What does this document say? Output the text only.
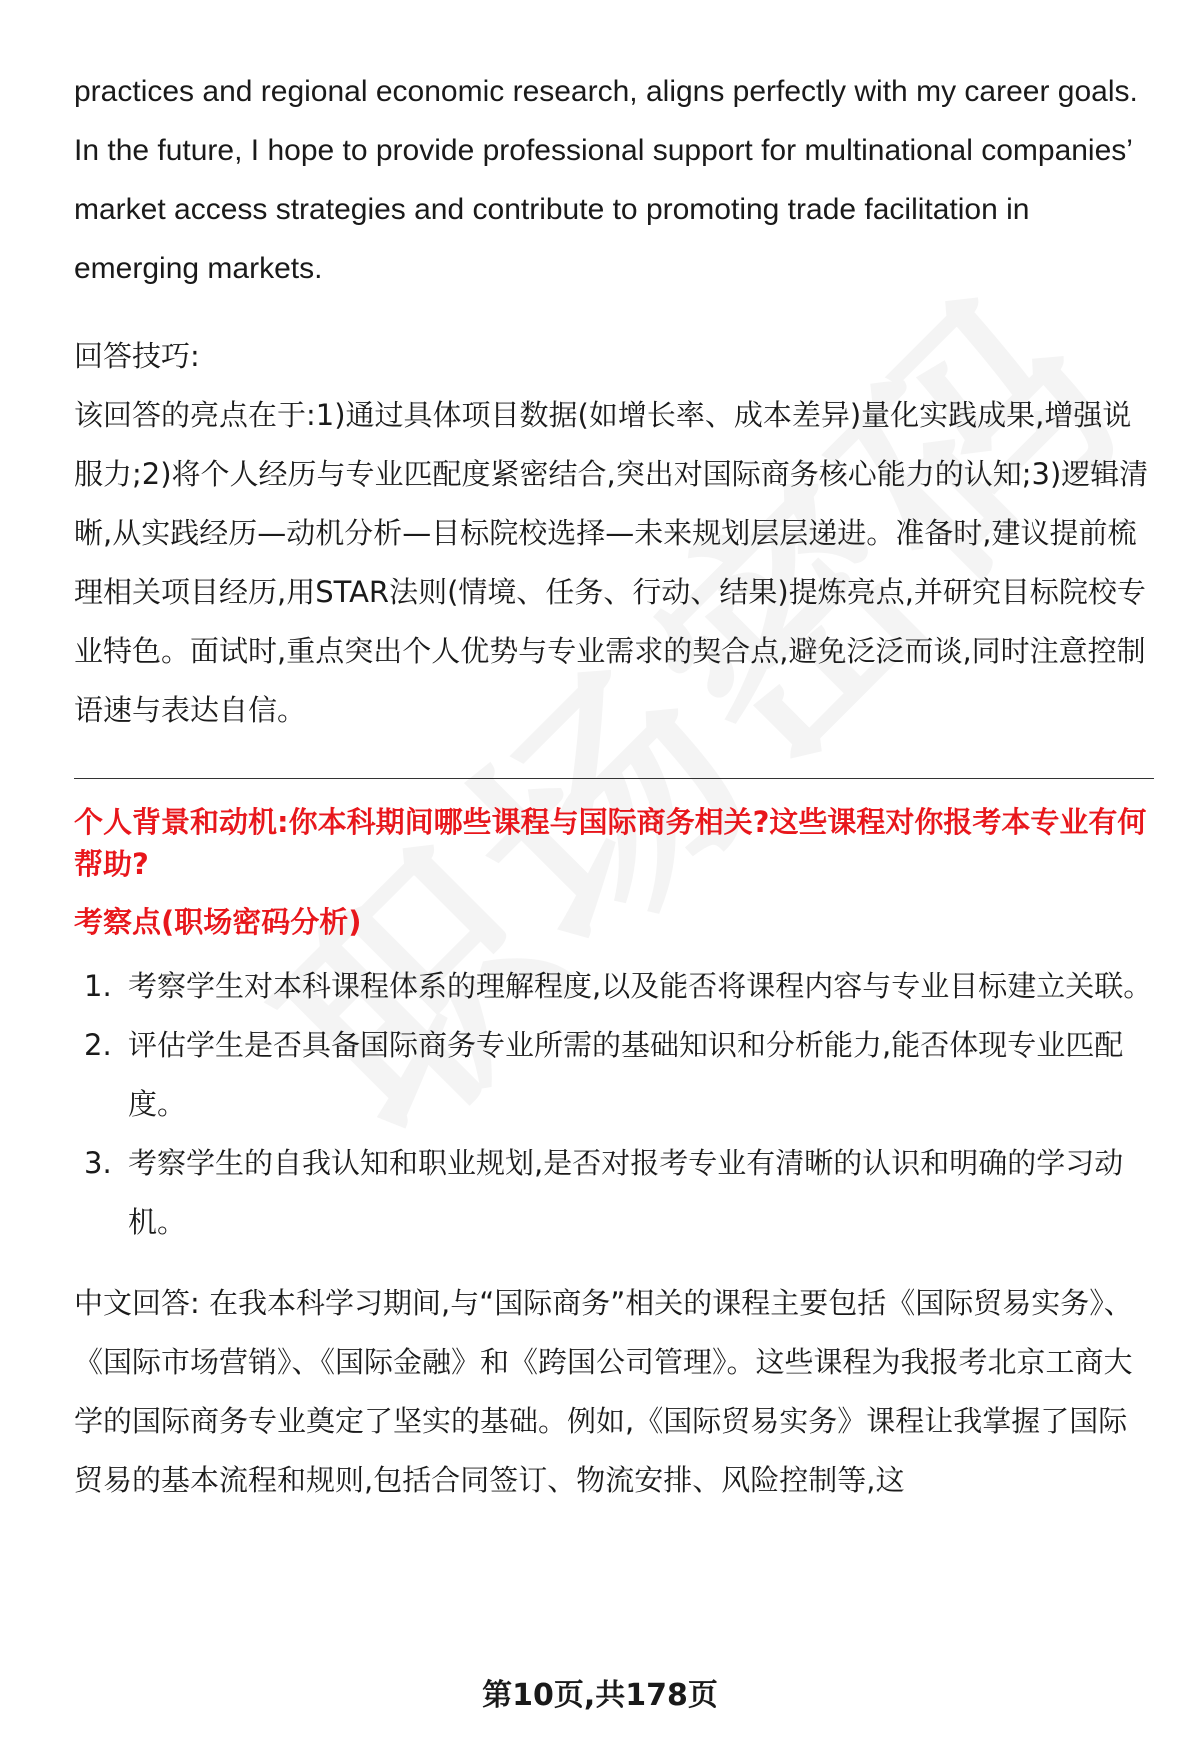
practices and regional economic research, aligns perfectly with my career goals. In the future, I hope to provide professional support for multinational companies’ market access strategies and contribute to promoting trade facilitation in emerging markets.

回答技巧:

该回答的亮点在于:1)通过具体项目数据(如增长率、成本差异)量化实践成果,增强说服力;2)将个人经历与专业匹配度紧密结合,突出对国际商务核心能力的认知;3)逻辑清晰,从实践经历—动机分析—目标院校选择—未来规划层层递进。准备时,建议提前梳理相关项目经历,用STAR法则(情境、任务、行动、结果)提炼亮点,并研究目标院校专业特色。面试时,重点突出个人优势与专业需求的契合点,避免泛泛而谈,同时注意控制语速与表达自信。

个人背景和动机:你本科期间哪些课程与国际商务相关?这些课程对你报考本专业有何帮助?

考察点(职场密码分析)

1. 考察学生对本科课程体系的理解程度,以及能否将课程内容与专业目标建立关联。
2. 评估学生是否具备国际商务专业所需的基础知识和分析能力,能否体现专业匹配度。
3. 考察学生的自我认知和职业规划,是否对报考专业有清晰的认识和明确的学习动机。

中文回答: 在我本科学习期间,与“国际商务”相关的课程主要包括《国际贸易实务》、《国际市场营销》、《国际金融》和《跨国公司管理》。这些课程为我报考北京工商大学的国际商务专业奠定了坚实的基础。例如,《国际贸易实务》课程让我掌握了国际贸易的基本流程和规则,包括合同签订、物流安排、风险控制等,这

第10页,共178页
